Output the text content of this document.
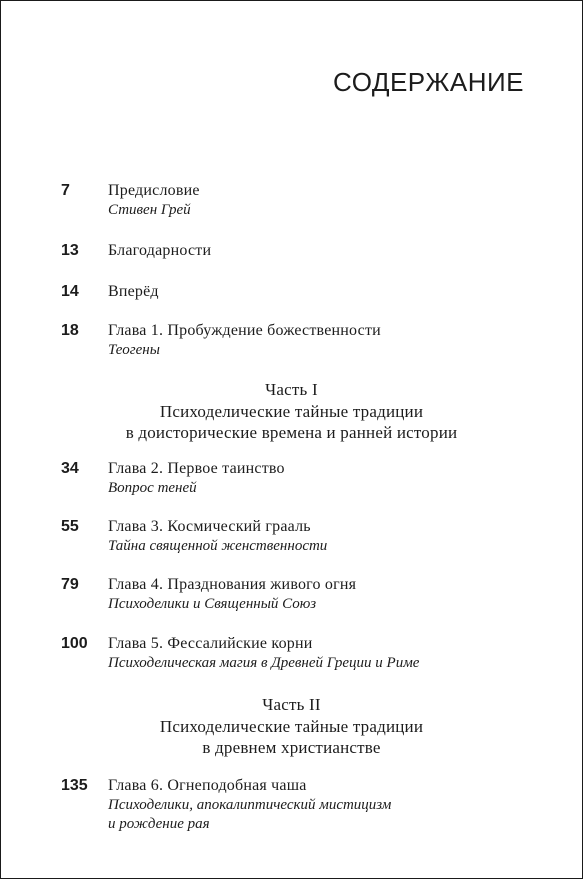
СОДЕРЖАНИЕ
7 Предисловие
Стивен Грей
13 Благодарности
14 Вперёд
18 Глава 1. Пробуждение божественности
Теогены
Часть I
Психоделические тайные традиции
в доисторические времена и ранней истории
34 Глава 2. Первое таинство
Вопрос теней
55 Глава 3. Космический грааль
Тайна священной женственности
79 Глава 4. Празднования живого огня
Психоделики и Священный Союз
100 Глава 5. Фессалийские корни
Психоделическая магия в Древней Греции и Риме
Часть II
Психоделические тайные традиции
в древнем христианстве
135 Глава 6. Огнеподобная чаша
Психоделики, апокалиптический мистицизм
и рождение рая
